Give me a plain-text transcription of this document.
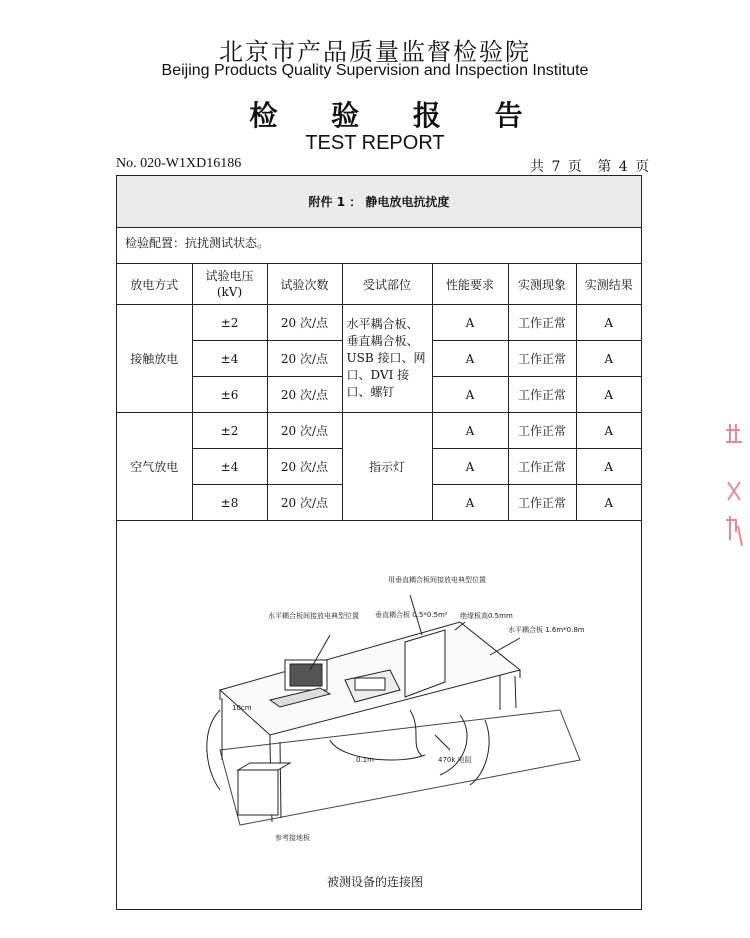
北京市产品质量监督检验院
Beijing Products Quality Supervision and Inspection Institute
检 验 报 告
TEST REPORT
No. 020-W1XD16186	共 7 页 第 4 页
附件 1 ： 静电放电抗扰度
检验配置：抗扰测试状态。
放电方式	试验电压 (kV)	试验次数	受试部位	性能要求	实测现象	实测结果
接触放电	±2	20 次/点	水平耦合板、垂直耦合板、USB 接口、网口、DVI 接口、螺钉	A	工作正常	A
	±4	20 次/点		A	工作正常	A
	±6	20 次/点		A	工作正常	A
空气放电	±2	20 次/点	指示灯	A	工作正常	A
	±4	20 次/点		A	工作正常	A
	±8	20 次/点		A	工作正常	A
用垂直耦合板间接放电典型位置
垂直耦合板 0.5*0.5m² 绝缘板高0.5mm
水平耦合板间接放电典型位置
水平耦合板 1.6m*0.8m
0.1m	470k 电阻
参考接地板
10cm
被测设备的连接图
